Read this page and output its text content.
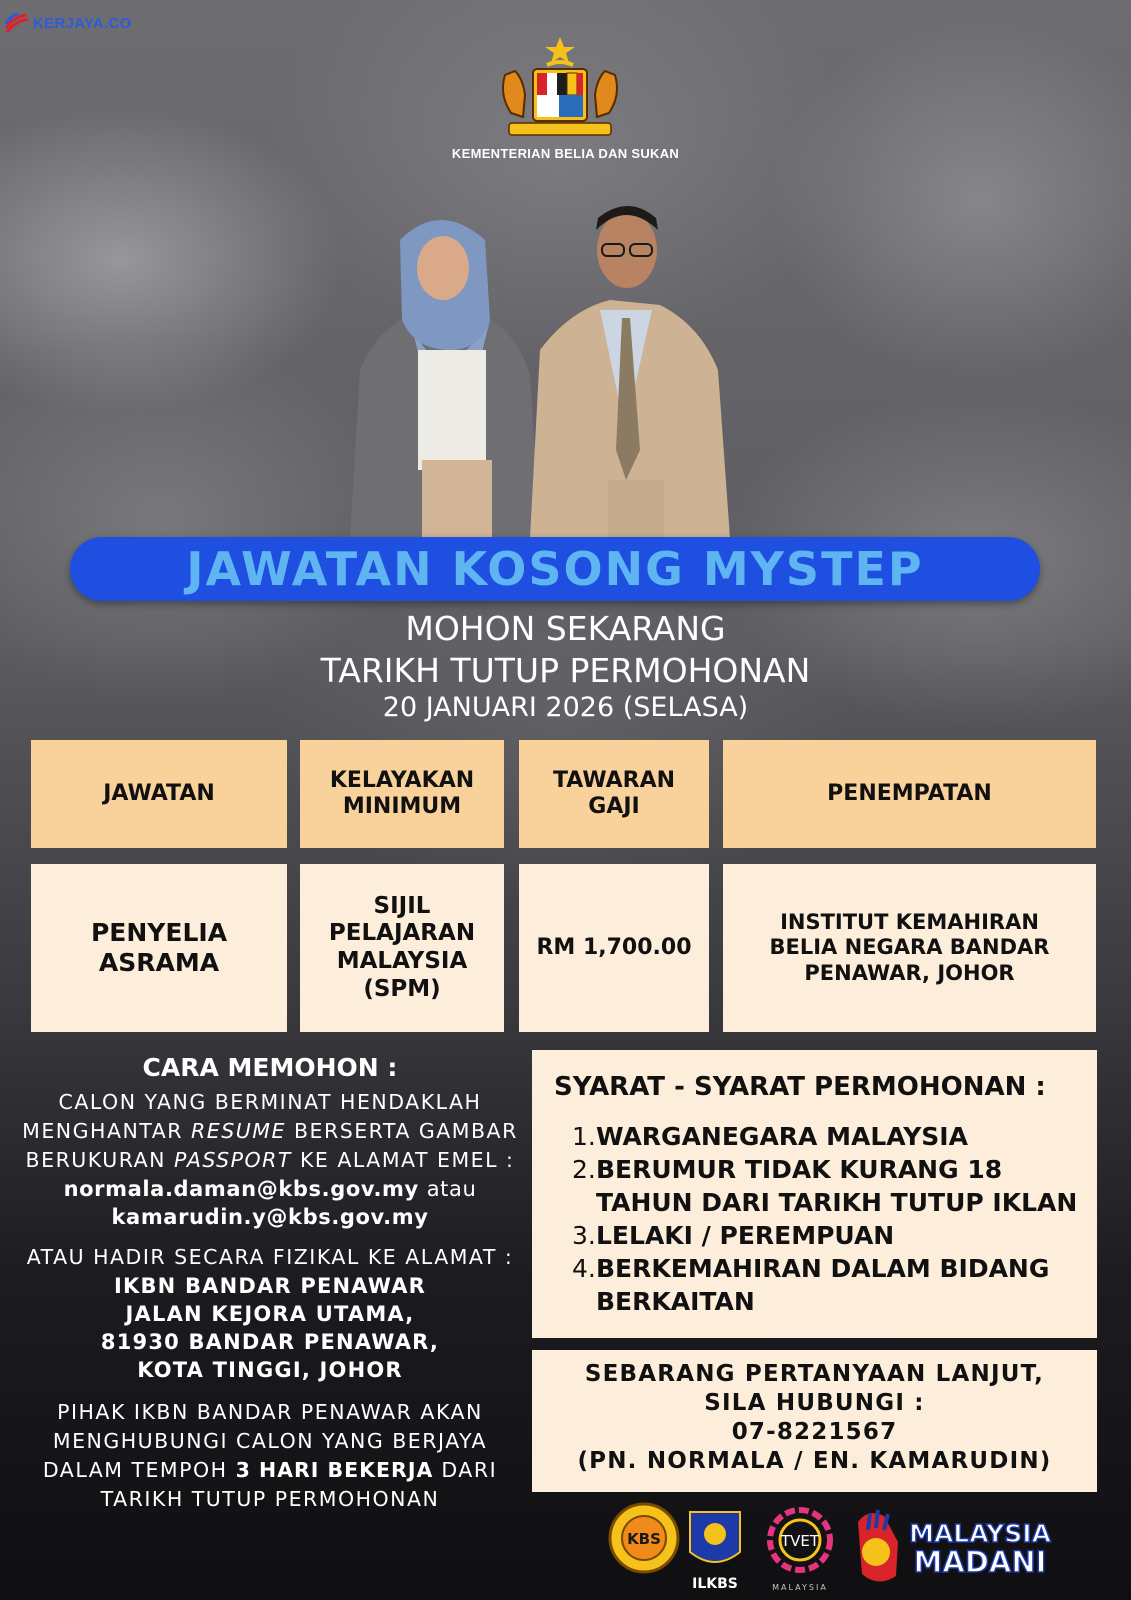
KERJAYA.CO
KEMENTERIAN BELIA DAN SUKAN
JAWATAN KOSONG MYSTEP
MOHON SEKARANG
TARIKH TUTUP PERMOHONAN
20 JANUARI 2026 (SELASA)
JAWATAN
KELAYAKAN MINIMUM
TAWARAN GAJI
PENEMPATAN
PENYELIA ASRAMA
SIJIL PELAJARAN MALAYSIA (SPM)
RM 1,700.00
INSTITUT KEMAHIRAN BELIA NEGARA BANDAR PENAWAR, JOHOR
CARA MEMOHON :
CALON YANG BERMINAT HENDAKLAH MENGHANTAR RESUME BERSERTA GAMBAR BERUKURAN PASSPORT KE ALAMAT EMEL :
normala.daman@kbs.gov.my atau
kamarudin.y@kbs.gov.my
ATAU HADIR SECARA FIZIKAL KE ALAMAT :
IKBN BANDAR PENAWAR
JALAN KEJORA UTAMA,
81930 BANDAR PENAWAR,
KOTA TINGGI, JOHOR
PIHAK IKBN BANDAR PENAWAR AKAN MENGHUBUNGI CALON YANG BERJAYA DALAM TEMPOH 3 HARI BEKERJA DARI TARIKH TUTUP PERMOHONAN
SYARAT - SYARAT PERMOHONAN :
1. WARGANEGARA MALAYSIA
2. BERUMUR TIDAK KURANG 18 TAHUN DARI TARIKH TUTUP IKLAN
3. LELAKI / PEREMPUAN
4. BERKEMAHIRAN DALAM BIDANG BERKAITAN
SEBARANG PERTANYAAN LANJUT,
SILA HUBUNGI :
07-8221567
(PN. NORMALA / EN. KAMARUDIN)
KBS
ILKBS
TVET
MALAYSIA
MALAYSIA
MADANI
